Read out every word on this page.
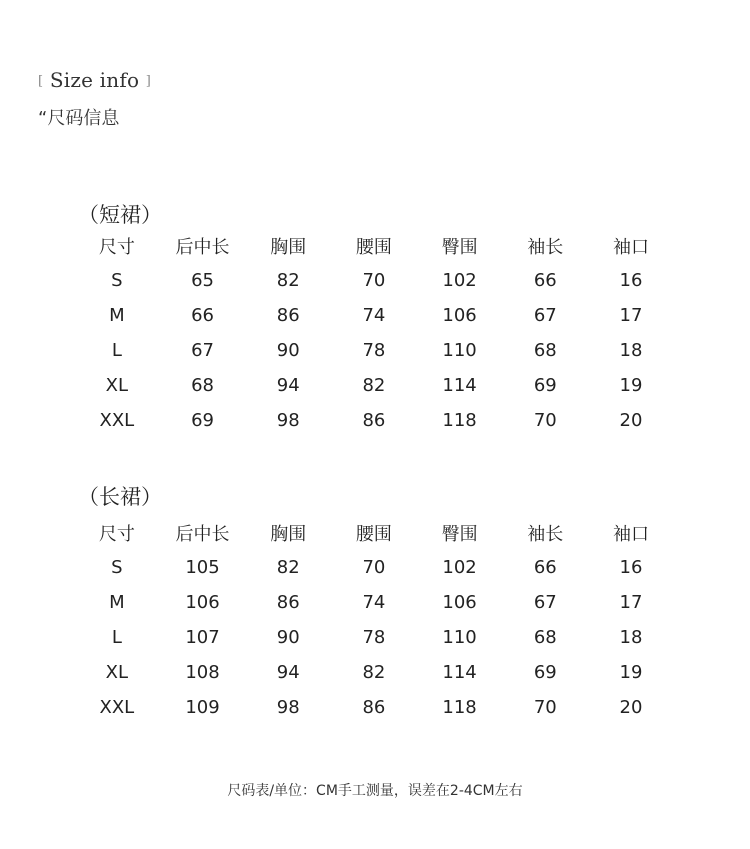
[ Size info ]
“尺码信息
（短裙）
尺寸	后中长	胸围	腰围	臀围	袖长	袖口
S	65	82	70	102	66	16
M	66	86	74	106	67	17
L	67	90	78	110	68	18
XL	68	94	82	114	69	19
XXL	69	98	86	118	70	20
（长裙）
尺寸	后中长	胸围	腰围	臀围	袖长	袖口
S	105	82	70	102	66	16
M	106	86	74	106	67	17
L	107	90	78	110	68	18
XL	108	94	82	114	69	19
XXL	109	98	86	118	70	20
尺码表/单位：CM手工测量，误差在2-4CM左右
